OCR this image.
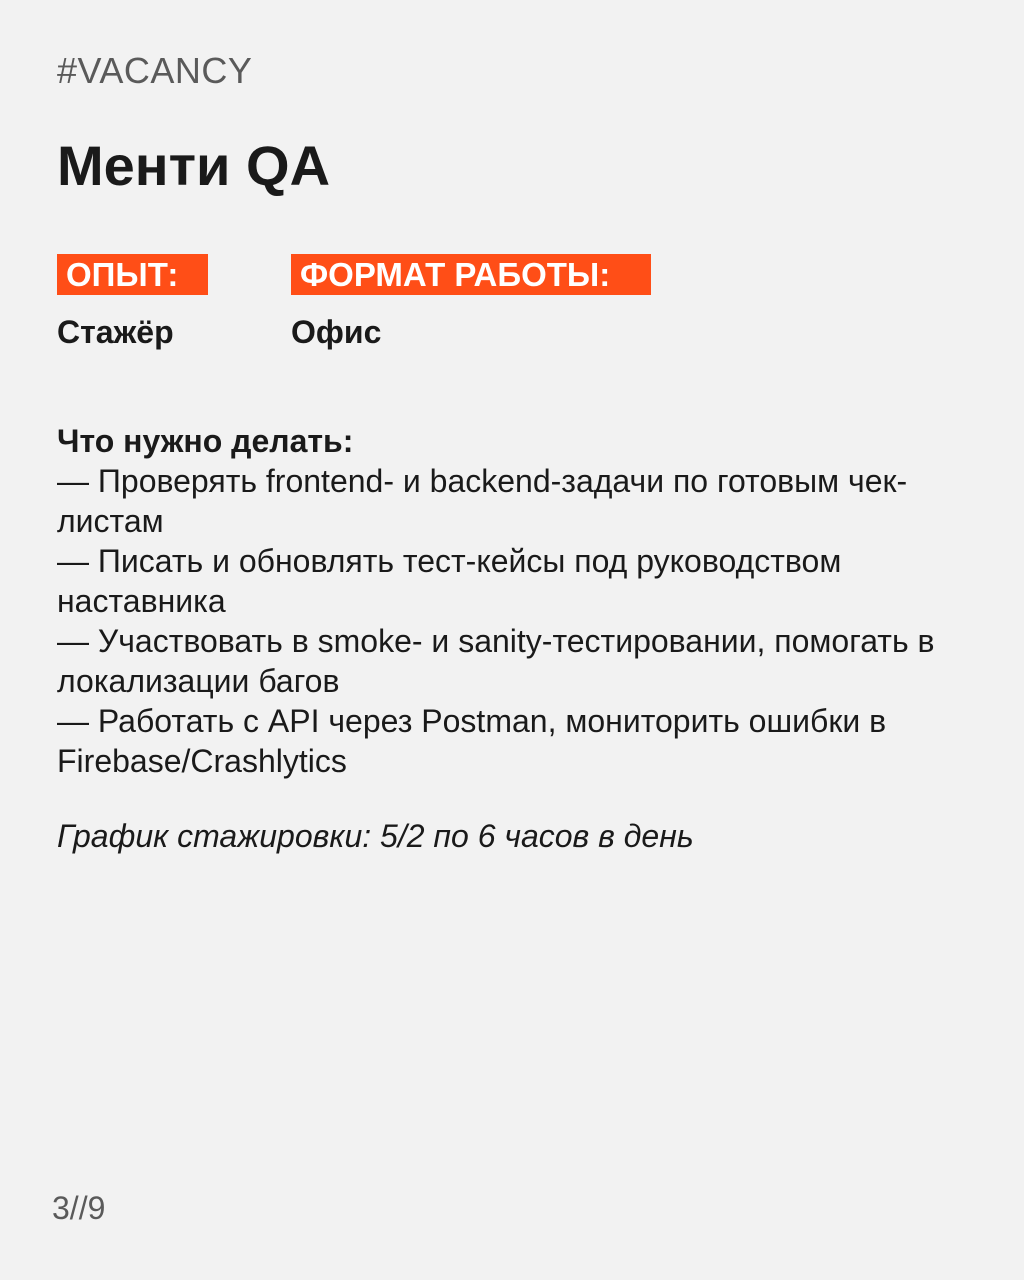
#VACANCY
Менти QA
ОПЫТ:	ФОРМАТ РАБОТЫ:
Стажёр	Офис
Что нужно делать:
— Проверять frontend- и backend-задачи по готовым чек-листам
— Писать и обновлять тест-кейсы под руководством наставника
— Участвовать в smoke- и sanity-тестировании, помогать в локализации багов
— Работать с API через Postman, мониторить ошибки в Firebase/Crashlytics
График стажировки: 5/2 по 6 часов в день
3//9
